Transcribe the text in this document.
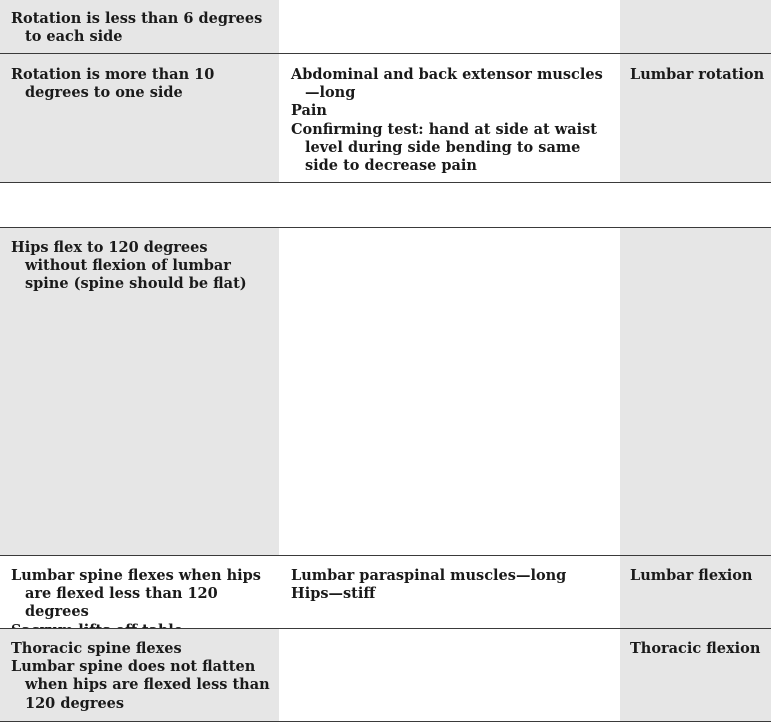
Rotation is less than 6 degrees to each side
Rotation is more than 10 degrees to one side
Abdominal and back extensor muscles—long
Pain
Confirming test: hand at side at waist level during side bending to same side to decrease pain
Lumbar rotation
Hips flex to 120 degrees without flexion of lumbar spine (spine should be flat)
Lumbar spine flexes when hips are flexed less than 120 degrees
Lumbar paraspinal muscles—long
Hips—stiff
Lumbar flexion
Thoracic spine flexes
Lumbar spine does not flatten when hips are flexed less than 120 degrees
Thoracic flexion
